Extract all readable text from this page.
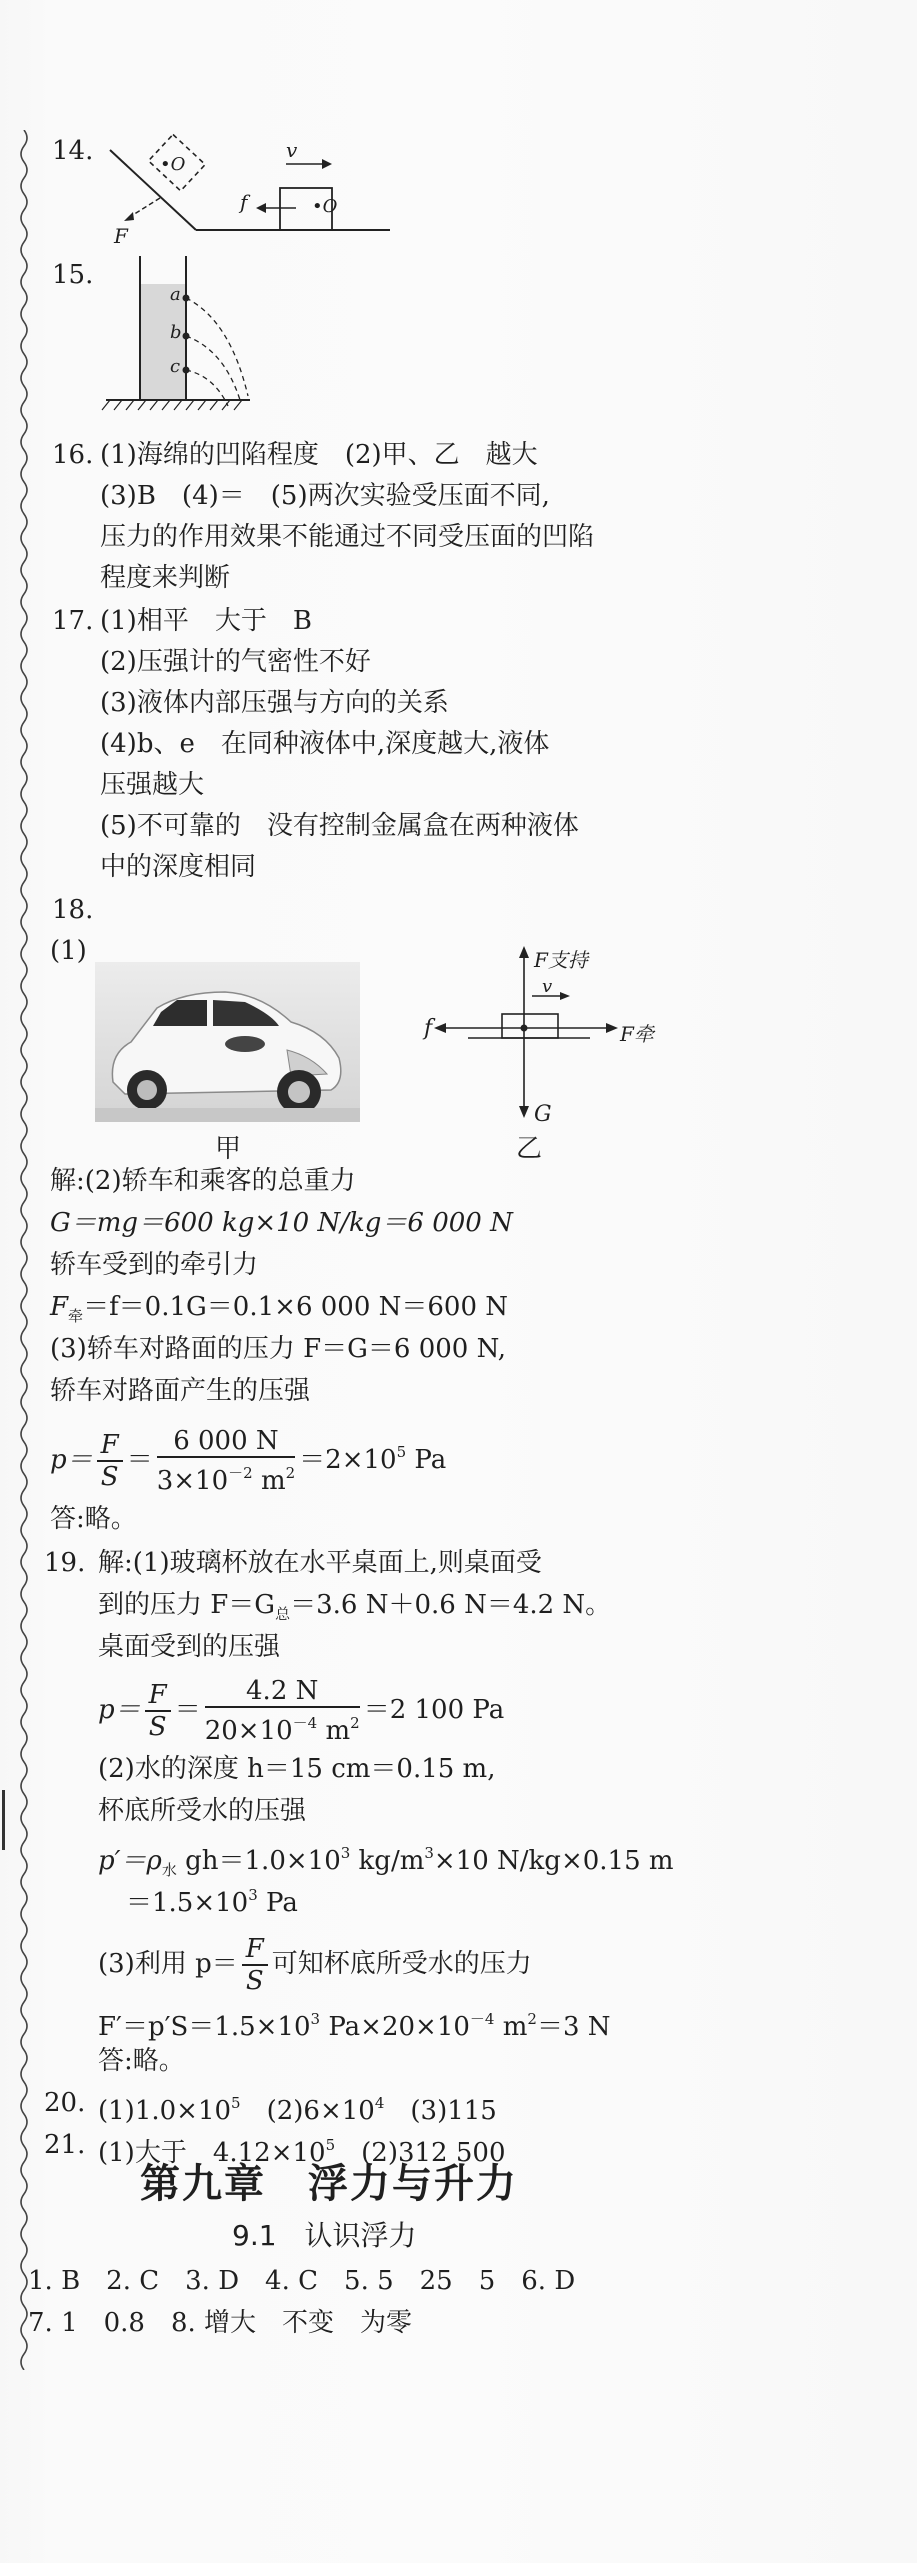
14.	v
f
F
•O
•O
15.
a
b
c
16. (1)海绵的凹陷程度　(2)甲、乙　越大
(3)B　(4)＝　(5)两次实验受压面不同,
压力的作用效果不能通过不同受压面的凹陷
程度来判断
17. (1)相平　大于　B
(2)压强计的气密性不好
(3)液体内部压强与方向的关系
(4)b、e　在同种液体中,深度越大,液体
压强越大
(5)不可靠的　没有控制金属盒在两种液体
中的深度相同
18.
(1)
甲
F支持
v
f	F牵
G
乙
解:(2)轿车和乘客的总重力
G＝mg＝600 kg×10 N/kg＝6 000 N
轿车受到的牵引力
$F_牵=f=0.1G=0.1\times 6$ 000 N＝600 N
(3)轿车对路面的压力 F＝G＝6 000 N,
轿车对路面产生的压强
$p= \frac{F}{S} = \frac{6 000 N}{3\times 10^{-2} m^2} =2\times 10^5$ Pa
答:略。
19. 解:(1)玻璃杯放在水平桌面上,则桌面受
到的压力 $F=G_总=3.6$ N＋0.6 N＝4.2 N。
桌面受到的压强
$p= \frac{F}{S} = \frac{4.2 N}{20\times 10^{-4} m^2} =2$ 100 Pa
(2)水的深度 h＝15 cm＝0.15 m,
杯底所受水的压强
$p'=\rho_水$ $gh=1.0\times 10^3$ $kg/m^3\times 10$ N/kg×0.15 m
$=1.5\times 10^3$ Pa
(3)利用 $p= \frac{F}{S}$ 可知杯底所受水的压力
$F'=p'S=1.5\times 10^3$ $Pa\times 20\times 10^{-4}$ $m^2=3$ N
答:略。
20. $(1)1.0\times 10^5$　$(2)6\times 10^4$　(3)115
21. (1)大于　$4.12\times 10^5$　(2)312 500
第九章　浮力与升力
9.1　认识浮力
1. B　2. C　3. D　4. C　5. 5　25　5　6. D
7. 1　0.8　8. 增大　不变　为零
